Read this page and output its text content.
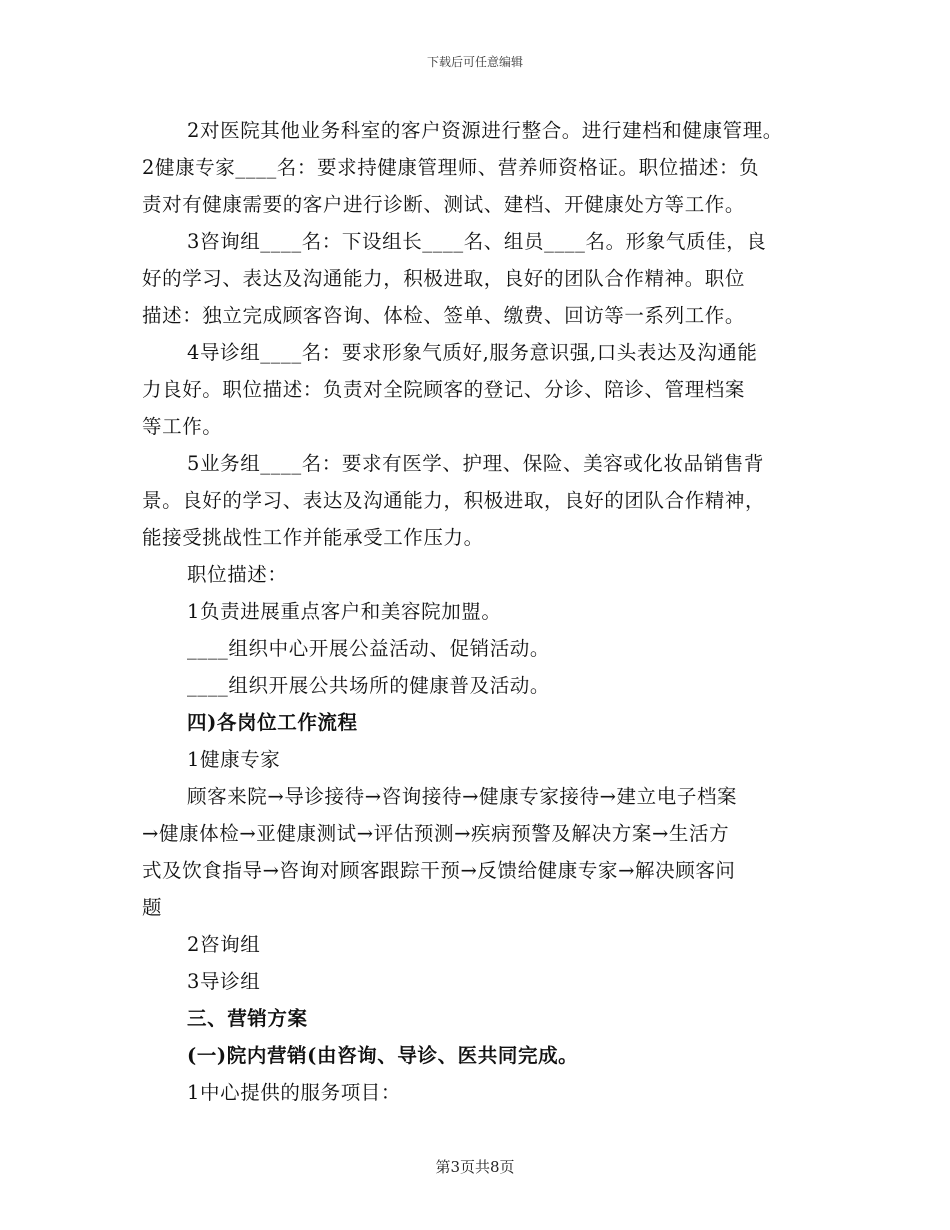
下载后可任意编辑
2对医院其他业务科室的客户资源进行整合。进行建档和健康管理。
2健康专家____名：要求持健康管理师、营养师资格证。职位描述：负
责对有健康需要的客户进行诊断、测试、建档、开健康处方等工作。
3咨询组____名：下设组长____名、组员____名。形象气质佳，良
好的学习、表达及沟通能力，积极进取，良好的团队合作精神。职位
描述：独立完成顾客咨询、体检、签单、缴费、回访等一系列工作。
4导诊组____名：要求形象气质好,服务意识强,口头表达及沟通能
力良好。职位描述：负责对全院顾客的登记、分诊、陪诊、管理档案
等工作。
5业务组____名：要求有医学、护理、保险、美容或化妆品销售背
景。良好的学习、表达及沟通能力，积极进取，良好的团队合作精神，
能接受挑战性工作并能承受工作压力。
职位描述：
1负责进展重点客户和美容院加盟。
____组织中心开展公益活动、促销活动。
____组织开展公共场所的健康普及活动。
四)各岗位工作流程
1健康专家
顾客来院→导诊接待→咨询接待→健康专家接待→建立电子档案
→健康体检→亚健康测试→评估预测→疾病预警及解决方案→生活方
式及饮食指导→咨询对顾客跟踪干预→反馈给健康专家→解决顾客问
题
2咨询组
3导诊组
三、营销方案
(一)院内营销(由咨询、导诊、医共同完成。
1中心提供的服务项目：
第3页共8页
